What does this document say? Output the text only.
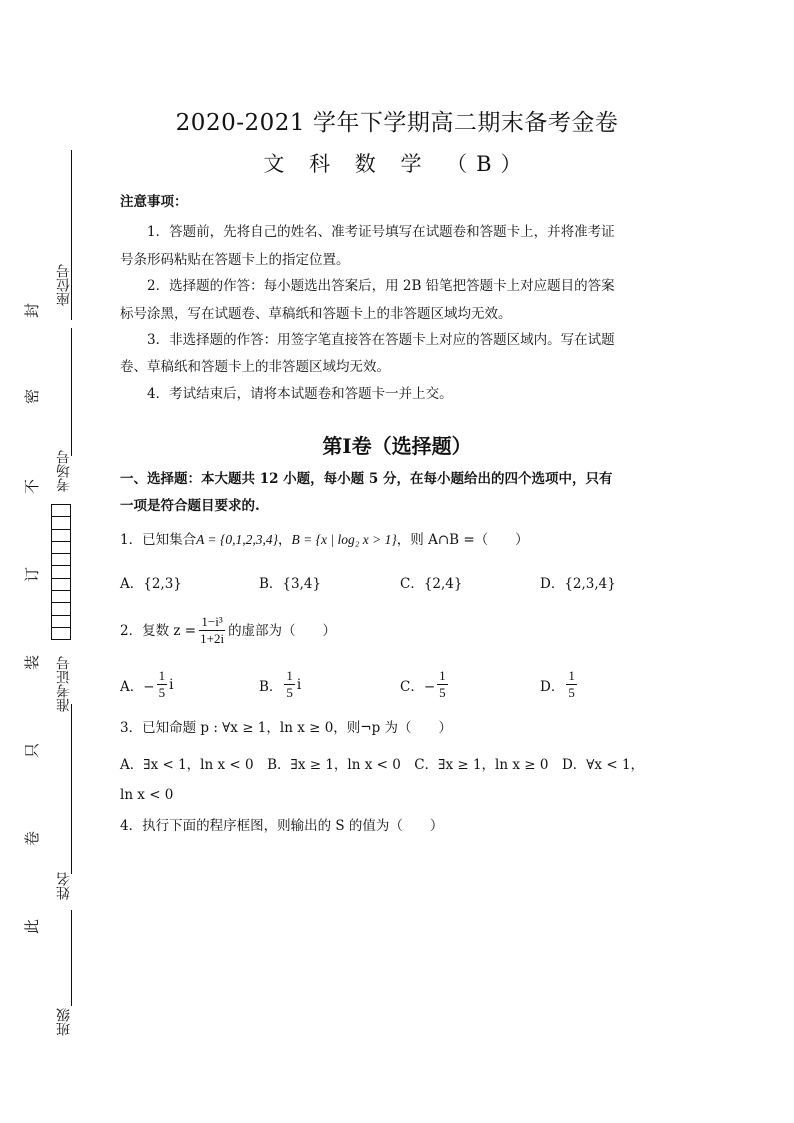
2020-2021 学年下学期高二期末备考金卷
文 科 数 学 （B）
注意事项：
1．答题前，先将自己的姓名、准考证号填写在试题卷和答题卡上，并将准考证
号条形码粘贴在答题卡上的指定位置。
2．选择题的作答：每小题选出答案后，用 2B 铅笔把答题卡上对应题目的答案
标号涂黑，写在试题卷、草稿纸和答题卡上的非答题区域均无效。
3．非选择题的作答：用签字笔直接答在答题卡上对应的答题区域内。写在试题
卷、草稿纸和答题卡上的非答题区域均无效。
4．考试结束后，请将本试题卷和答题卡一并上交。
第Ⅰ卷（选择题）
一、选择题：本大题共 12 小题，每小题 5 分，在每小题给出的四个选项中，只有
一项是符合题目要求的.
1．已知集合A = {0,1,2,3,4}，B = {x | log₂ x > 1}，则 A∩B =（　　）
A．{2,3}	B．{3,4}	C．{2,4}	D．{2,3,4}
2．复数 $z = \frac{\text{1−i³}}{1+2i}$ 的虚部为（　　）
A．− $\frac{1}{5}$ i	B． $\frac{1}{5}$ i	C．− $\frac{1}{5}$	D． $\frac{1}{5}$
3．已知命题 p : ∀x ≥ 1，ln x ≥ 0，则¬p 为（　　）
A．∃x < 1，ln x < 0　B．∃x ≥ 1，ln x < 0　C．∃x ≥ 1，ln x ≥ 0　D．∀x < 1，
ln x < 0
4．执行下面的程序框图，则输出的 S 的值为（　　）
座位号
考场号
准考证号
姓名
班级
封
密
不
订
装
只
卷
此
